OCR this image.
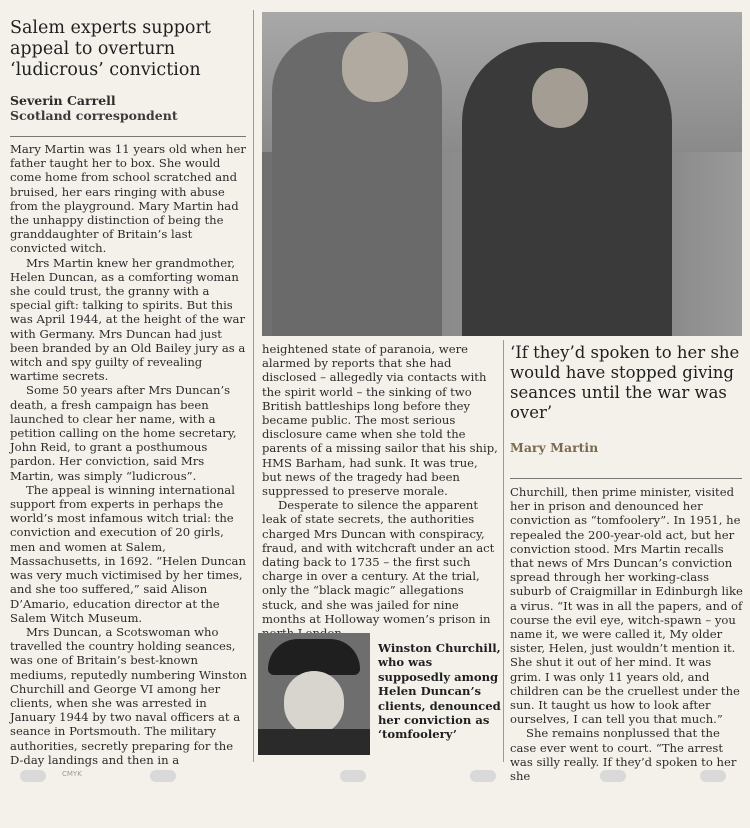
Salem experts support appeal to overturn ‘ludicrous’ conviction
Severin Carrell
Scotland correspondent

Mary Martin was 11 years old when her father taught her to box. She would come home from school scratched and bruised, her ears ringing with abuse from the playground. Mary Martin had the unhappy distinction of being the granddaughter of Britain’s last convicted witch.

Mrs Martin knew her grandmother, Helen Duncan, as a comforting woman she could trust, the granny with a special gift: talking to spirits. But this was April 1944, at the height of the war with Germany. Mrs Duncan had just been branded by an Old Bailey jury as a witch and spy guilty of revealing wartime secrets.

Some 50 years after Mrs Duncan’s death, a fresh campaign has been launched to clear her name, with a petition calling on the home secretary, John Reid, to grant a posthumous pardon. Her conviction, said Mrs Martin, was simply “ludicrous”.

The appeal is winning international support from experts in perhaps the world’s most infamous witch trial: the conviction and execution of 20 girls, men and women at Salem, Massachusetts, in 1692. “Helen Duncan was very much victimised by her times, and she too suffered,” said Alison D’Amario, education director at the Salem Witch Museum.

Mrs Duncan, a Scotswoman who travelled the country holding seances, was one of Britain’s best-known mediums, reputedly numbering Winston Churchill and George VI among her clients, when she was arrested in January 1944 by two naval officers at a seance in Portsmouth. The military authorities, secretly preparing for the D-day landings and then in a

heightened state of paranoia, were alarmed by reports that she had disclosed – allegedly via contacts with the spirit world – the sinking of two British battleships long before they became public. The most serious disclosure came when she told the parents of a missing sailor that his ship, HMS Barham, had sunk. It was true, but news of the tragedy had been suppressed to preserve morale.

Desperate to silence the apparent leak of state secrets, the authorities charged Mrs Duncan with conspiracy, fraud, and with witchcraft under an act dating back to 1735 – the first such charge in over a century. At the trial, only the “black magic” allegations stuck, and she was jailed for nine months at Holloway women’s prison in

‘If they’d spoken to her she would have stopped giving seances until the war was over’
Mary Martin

Churchill, then prime minister, visited her in prison and denounced her conviction as “tomfoolery”. In 1951, he repealed the 200-year-old act, but her conviction stood. Mrs Martin recalls that news of Mrs Duncan’s conviction spread through her working-class suburb of Craigmillar in Edinburgh like a virus. “It was in all the papers, and of course the evil eye, witch-spawn – you name it, we were called it, My older sister, Helen, just wouldn’t mention it. She shut it out of her mind. It was grim. I was only 11 years old, and children can be the cruellest under the sun. It taught us how to look after ourselves, I can tell you that much.”

She remains nonplussed that the case ever went to court. “The arrest was silly really. If they’d spoken to her she

Winston Churchill, who was supposedly among Helen Duncan’s clients, denounced her conviction as ‘tomfoolery’
CMYK
